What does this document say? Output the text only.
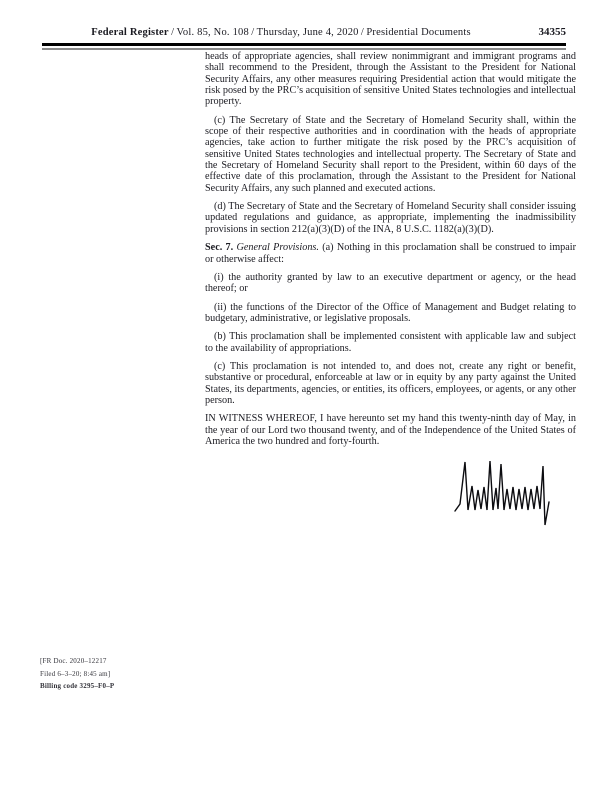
Federal Register / Vol. 85, No. 108 / Thursday, June 4, 2020 / Presidential Documents	34355

heads of appropriate agencies, shall review nonimmigrant and immigrant programs and shall recommend to the President, through the Assistant to the President for National Security Affairs, any other measures requiring Presidential action that would mitigate the risk posed by the PRC’s acquisition of sensitive United States technologies and intellectual property.

(c) The Secretary of State and the Secretary of Homeland Security shall, within the scope of their respective authorities and in coordination with the heads of appropriate agencies, take action to further mitigate the risk posed by the PRC’s acquisition of sensitive United States technologies and intellectual property. The Secretary of State and the Secretary of Homeland Security shall report to the President, within 60 days of the effective date of this proclamation, through the Assistant to the President for National Security Affairs, any such planned and executed actions.

(d) The Secretary of State and the Secretary of Homeland Security shall consider issuing updated regulations and guidance, as appropriate, implementing the inadmissibility provisions in section 212(a)(3)(D) of the INA, 8 U.S.C. 1182(a)(3)(D).

Sec. 7. General Provisions. (a) Nothing in this proclamation shall be construed to impair or otherwise affect:

(i) the authority granted by law to an executive department or agency, or the head thereof; or

(ii) the functions of the Director of the Office of Management and Budget relating to budgetary, administrative, or legislative proposals.

(b) This proclamation shall be implemented consistent with applicable law and subject to the availability of appropriations.

(c) This proclamation is not intended to, and does not, create any right or benefit, substantive or procedural, enforceable at law or in equity by any party against the United States, its departments, agencies, or entities, its officers, employees, or agents, or any other person.

IN WITNESS WHEREOF, I have hereunto set my hand this twenty-ninth day of May, in the year of our Lord two thousand twenty, and of the Independence of the United States of America the two hundred and forty-fourth.

[FR Doc. 2020–12217
Filed 6–3–20; 8:45 am]
Billing code 3295–F0–P
